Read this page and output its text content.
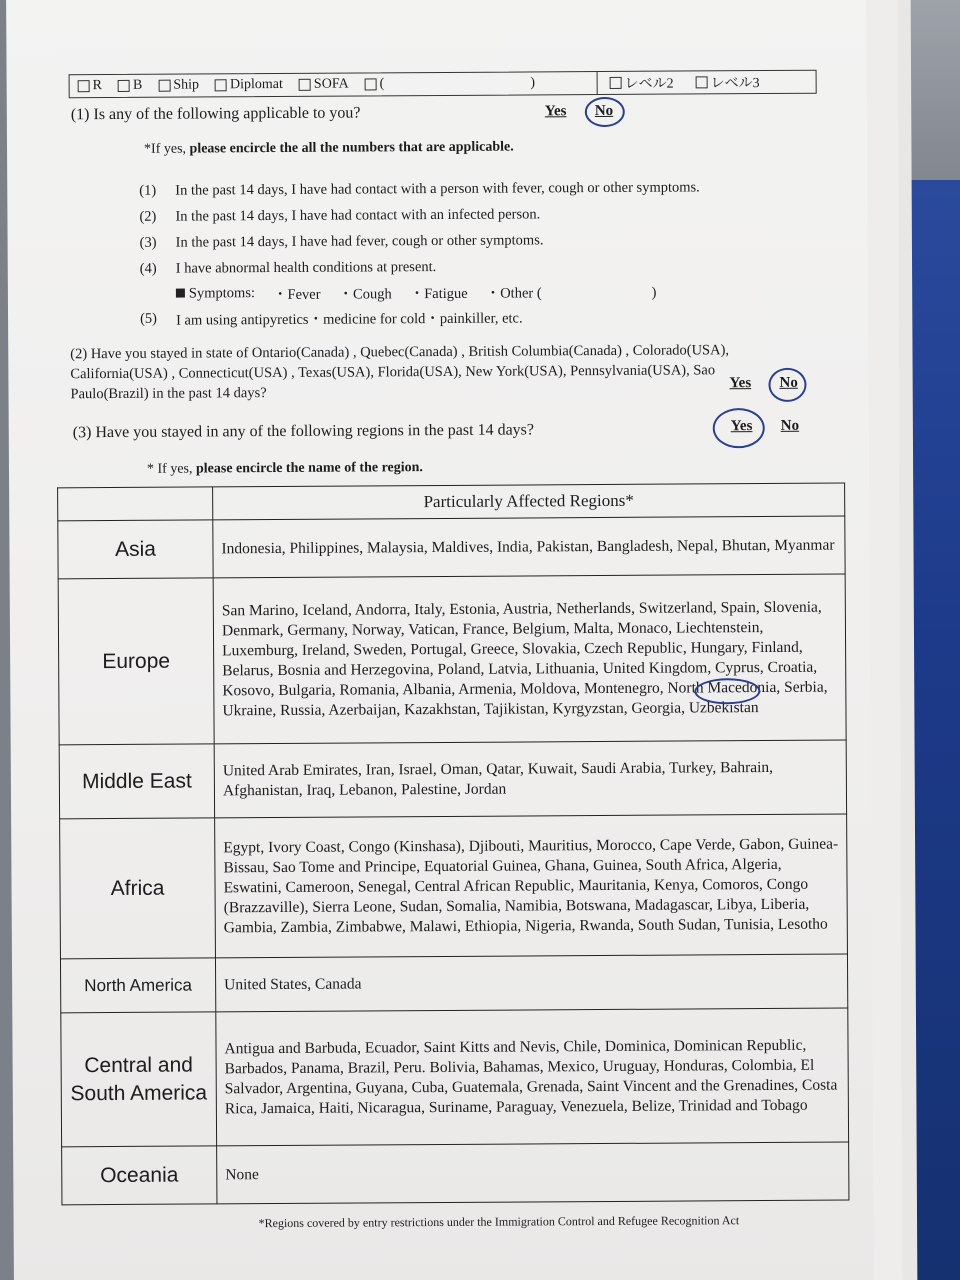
R B Ship Diplomat SOFA (	)	レベル2	レベル3
(1) Is any of the following applicable to you?	Yes No
*If yes, please encircle the all the numbers that are applicable.
(1)	In the past 14 days, I have had contact with a person with fever, cough or other symptoms.
(2)	In the past 14 days, I have had contact with an infected person.
(3)	In the past 14 days, I have had fever, cough or other symptoms.
(4)	I have abnormal health conditions at present.
Symptoms: ・Fever ・Cough ・Fatigue ・Other (	)
(5)	I am using antipyretics・medicine for cold・painkiller, etc.
(2) Have you stayed in state of Ontario(Canada) , Quebec(Canada) , British Columbia(Canada) , Colorado(USA), California(USA) , Connecticut(USA) , Texas(USA), Florida(USA), New York(USA), Pennsylvania(USA), Sao Paulo(Brazil) in the past 14 days?
Yes No
(3) Have you stayed in any of the following regions in the past 14 days?	Yes No
* If yes, please encircle the name of the region.
	Particularly Affected Regions*
Asia	Indonesia, Philippines, Malaysia, Maldives, India, Pakistan, Bangladesh, Nepal, Bhutan, Myanmar
Europe	San Marino, Iceland, Andorra, Italy, Estonia, Austria, Netherlands, Switzerland, Spain, Slovenia, Denmark, Germany, Norway, Vatican, France, Belgium, Malta, Monaco, Liechtenstein, Luxemburg, Ireland, Sweden, Portugal, Greece, Slovakia, Czech Republic, Hungary, Finland, Belarus, Bosnia and Herzegovina, Poland, Latvia, Lithuania, United Kingdom, Cyprus, Croatia, Kosovo, Bulgaria, Romania, Albania, Armenia, Moldova, Montenegro, North Macedonia, Serbia, Ukraine, Russia, Azerbaijan, Kazakhstan, Tajikistan, Kyrgyzstan, Georgia, Uzbekistan
Middle East	United Arab Emirates, Iran, Israel, Oman, Qatar, Kuwait, Saudi Arabia, Turkey, Bahrain, Afghanistan, Iraq, Lebanon, Palestine, Jordan
Africa	Egypt, Ivory Coast, Congo (Kinshasa), Djibouti, Mauritius, Morocco, Cape Verde, Gabon, Guinea-Bissau, Sao Tome and Principe, Equatorial Guinea, Ghana, Guinea, South Africa, Algeria, Eswatini, Cameroon, Senegal, Central African Republic, Mauritania, Kenya, Comoros, Congo (Brazzaville), Sierra Leone, Sudan, Somalia, Namibia, Botswana, Madagascar, Libya, Liberia, Gambia, Zambia, Zimbabwe, Malawi, Ethiopia, Nigeria, Rwanda, South Sudan, Tunisia, Lesotho
North America	United States, Canada
Central and South America	Antigua and Barbuda, Ecuador, Saint Kitts and Nevis, Chile, Dominica, Dominican Republic, Barbados, Panama, Brazil, Peru. Bolivia, Bahamas, Mexico, Uruguay, Honduras, Colombia, El Salvador, Argentina, Guyana, Cuba, Guatemala, Grenada, Saint Vincent and the Grenadines, Costa Rica, Jamaica, Haiti, Nicaragua, Suriname, Paraguay, Venezuela, Belize, Trinidad and Tobago
Oceania	None
*Regions covered by entry restrictions under the Immigration Control and Refugee Recognition Act
